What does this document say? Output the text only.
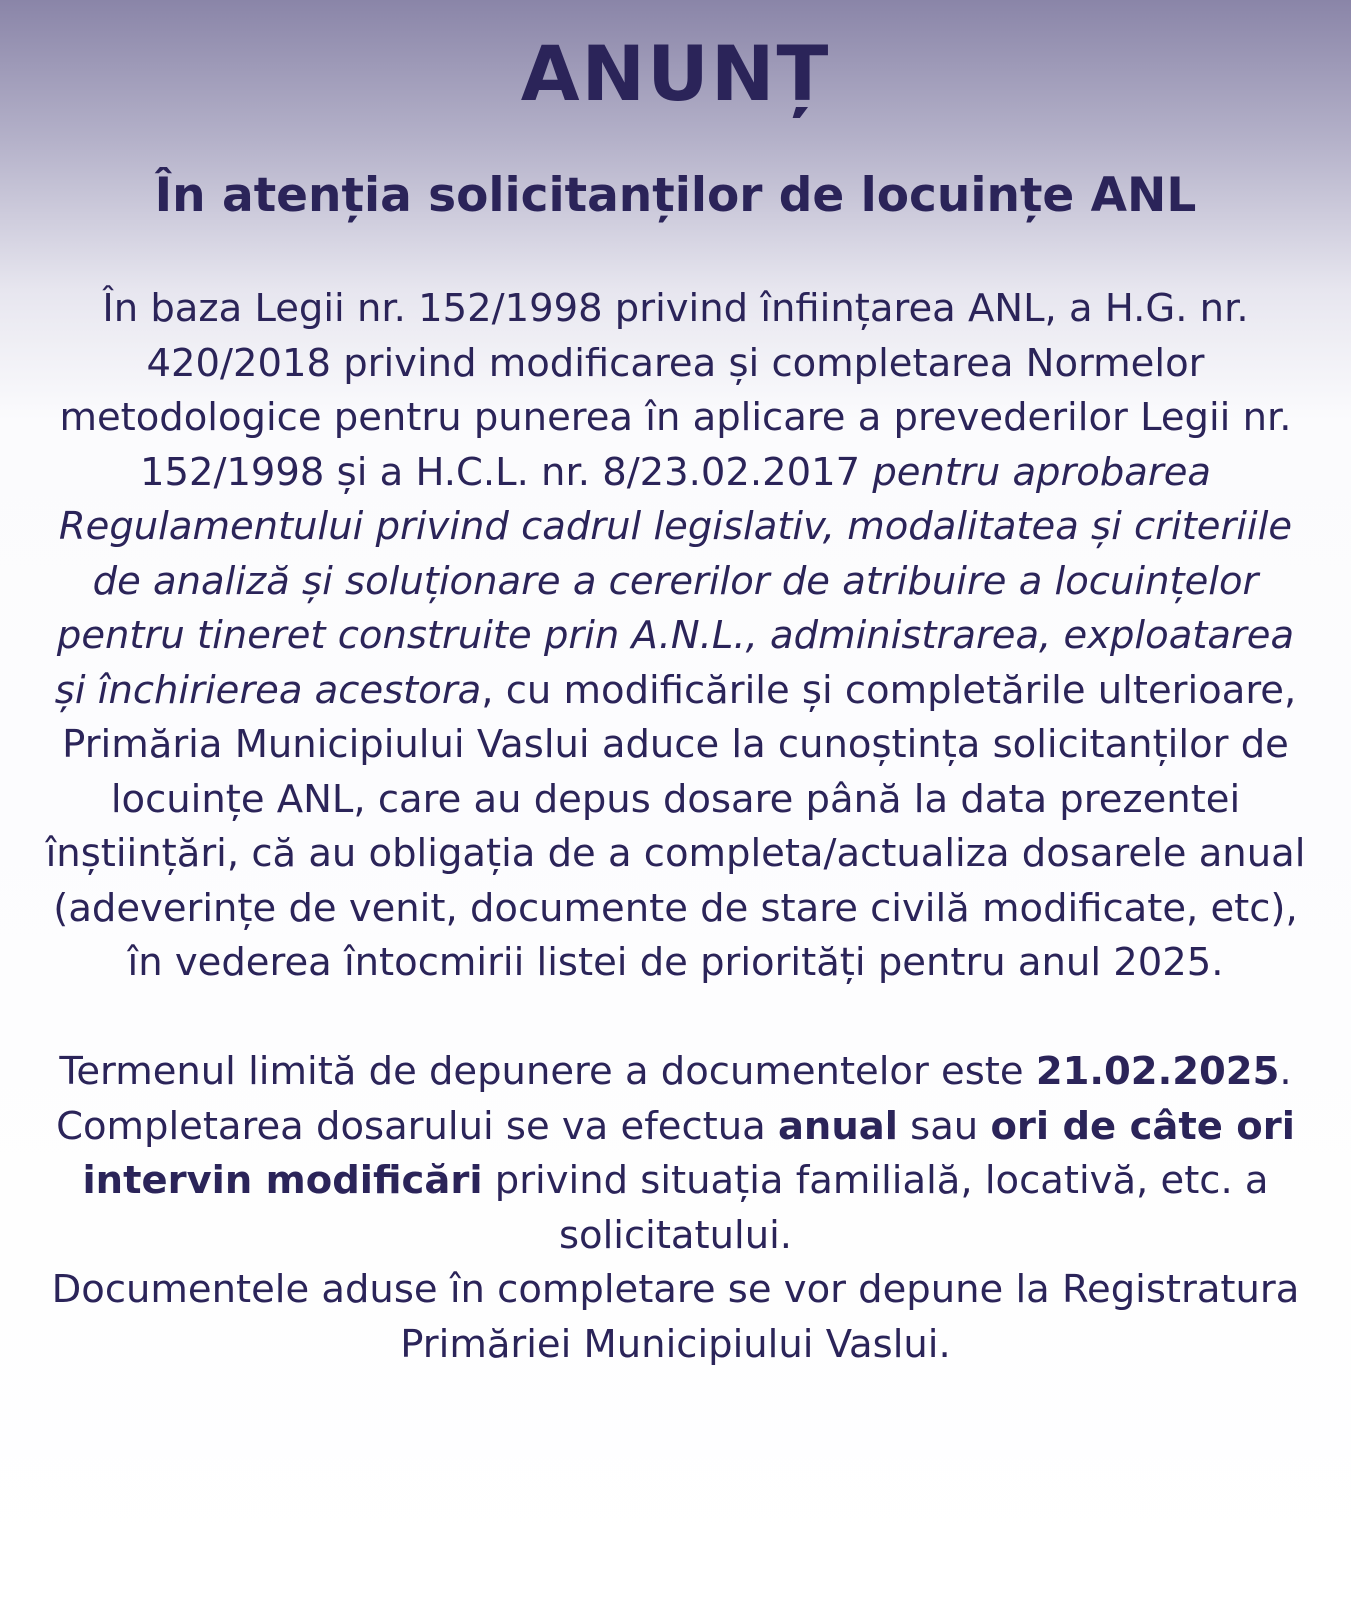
ANUNȚ
În atenția solicitanților de locuințe ANL

În baza Legii nr. 152/1998 privind înființarea ANL, a H.G. nr. 420/2018 privind modificarea și completarea Normelor metodologice pentru punerea în aplicare a prevederilor Legii nr. 152/1998 și a H.C.L. nr. 8/23.02.2017 pentru aprobarea Regulamentului privind cadrul legislativ, modalitatea și criteriile de analiză și soluționare a cererilor de atribuire a locuințelor pentru tineret construite prin A.N.L., administrarea, exploatarea și închirierea acestora, cu modificările și completările ulterioare, Primăria Municipiului Vaslui aduce la cunoștința solicitanților de locuințe ANL, care au depus dosare până la data prezentei înștiințări, că au obligația de a completa/actualiza dosarele anual (adeverințe de venit, documente de stare civilă modificate, etc), în vederea întocmirii listei de priorități pentru anul 2025.

Termenul limită de depunere a documentelor este 21.02.2025.

Completarea dosarului se va efectua anual sau ori de câte ori intervin modificări privind situația familială, locativă, etc. a solicitatului.

Documentele aduse în completare se vor depune la Registratura Primăriei Municipiului Vaslui.
